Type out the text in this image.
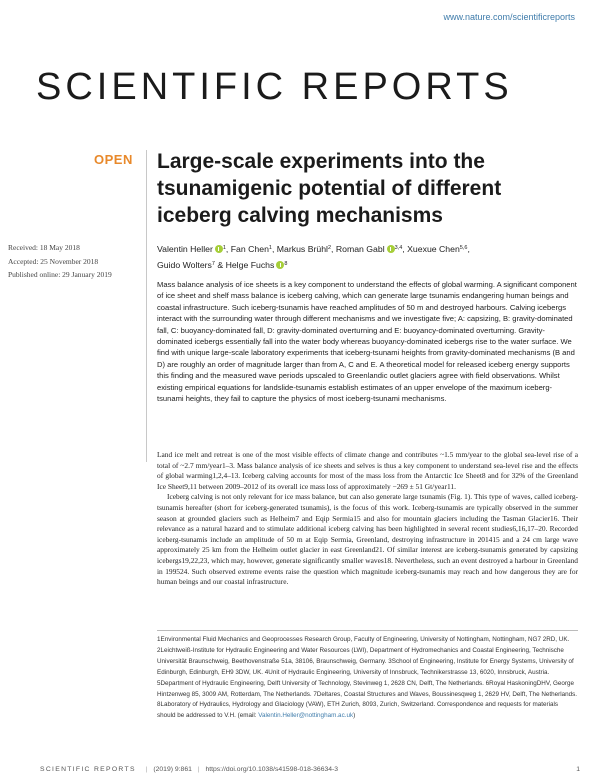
www.nature.com/scientificreports
SCIENTIFIC REPORTS
OPEN Large-scale experiments into the tsunamigenic potential of different iceberg calving mechanisms
Received: 18 May 2018
Accepted: 25 November 2018
Published online: 29 January 2019
Valentin Heller $^1$, Fan Chen$^1$, Markus Brühl$^2$, Roman Gabl $^{3,4}$, Xuexue Chen$^{5,6}$,
Guido Wolters$^7$ & Helge Fuchs $^8$

Mass balance analysis of ice sheets is a key component to understand the effects of global warming. A significant component of ice sheet and shelf mass balance is iceberg calving, which can generate large tsunamis endangering human beings and coastal infrastructure. Such iceberg-tsunamis have reached amplitudes of 50 m and destroyed harbours. Calving icebergs interact with the surrounding water through different mechanisms and we investigate five; A: capsizing, B: gravity-dominated fall, C: buoyancy-dominated fall, D: gravity-dominated overturning and E: buoyancy-dominated overturning. Gravity-dominated icebergs essentially fall into the water body whereas buoyancy-dominated icebergs rise to the water surface. We find with unique large-scale laboratory experiments that iceberg-tsunami heights from gravity-dominated mechanisms (B and D) are roughly an order of magnitude larger than from A, C and E. A theoretical model for released iceberg energy supports this finding and the measured wave periods upscaled to Greenlandic outlet glaciers agree with field observations. Whilst existing empirical equations for landslide-tsunamis establish estimates of an upper envelope of the maximum iceberg-tsunami heights, they fail to capture the physics of most iceberg-tsunami mechanisms.

Land ice melt and retreat is one of the most visible effects of climate change and contributes ~1.5 mm/year to the global sea-level rise of a total of ~2.7 mm/year1–3. Mass balance analysis of ice sheets and selves is thus a key component to understand sea-level rise and the effects of global warming1,2,4–13. Iceberg calving accounts for most of the mass loss from the Antarctic Ice Sheet8 and for 32% of the Greenland Ice Sheet9,11 between 2009–2012 of its overall ice mass loss of approximately −269 ± 51 Gt/year11.

Iceberg calving is not only relevant for ice mass balance, but can also generate large tsunamis (Fig. 1). This type of waves, called iceberg-tsunamis hereafter (short for iceberg-generated tsunamis), is the focus of this work. Iceberg-tsunamis are typically observed in the summer season at grounded glaciers such as Helheim7 and Eqip Sermia15 and also for mountain glaciers including the Tasman Glacier16. Their relevance as a natural hazard and to stimulate additional iceberg calving has been highlighted in several recent studies6,16,17–20. Recorded iceberg-tsunamis include an amplitude of 50 m at Eqip Sermia, Greenland, destroying infrastructure in 201415 and a 24 cm large wave approximately 25 km from the Helheim outlet glacier in east Greenland21. Of similar interest are iceberg-tsunamis generated by capsizing icebergs19,22,23, which may, however, generate significantly smaller waves18. Nevertheless, such an event destroyed a harbour in Greenland in 199524. Such observed extreme events raise the question which magnitude iceberg-tsunamis may reach and how dangerous they are for human beings and our coastal infrastructure.

1Environmental Fluid Mechanics and Geoprocesses Research Group, Faculty of Engineering, University of Nottingham, Nottingham, NG7 2RD, UK. 2Leichtweiß-Institute for Hydraulic Engineering and Water Resources (LWI), Department of Hydromechanics and Coastal Engineering, Technische Universität Braunschweig, Beethovenstraße 51a, 38106, Braunschweig, Germany. 3School of Engineering, Institute for Energy Systems, University of Edinburgh, Edinburgh, EH9 3DW, UK. 4Unit of Hydraulic Engineering, University of Innsbruck, Technikerstrasse 13, 6020, Innsbruck, Austria. 5Department of Hydraulic Engineering, Delft University of Technology, Stevinweg 1, 2628 CN, Delft, The Netherlands. 6Royal HaskoningDHV, George Hintzenweg 85, 3009 AM, Rotterdam, The Netherlands. 7Deltares, Coastal Structures and Waves, Boussinesqweg 1, 2629 HV, Delft, The Netherlands. 8Laboratory of Hydraulics, Hydrology and Glaciology (VAW), ETH Zurich, 8093, Zurich, Switzerland. Correspondence and requests for materials should be addressed to V.H. (email: Valentin.Heller@nottingham.ac.uk)

SCIENTIFIC REPORTS | (2019) 9:861 | https://doi.org/10.1038/s41598-018-36634-3	1
